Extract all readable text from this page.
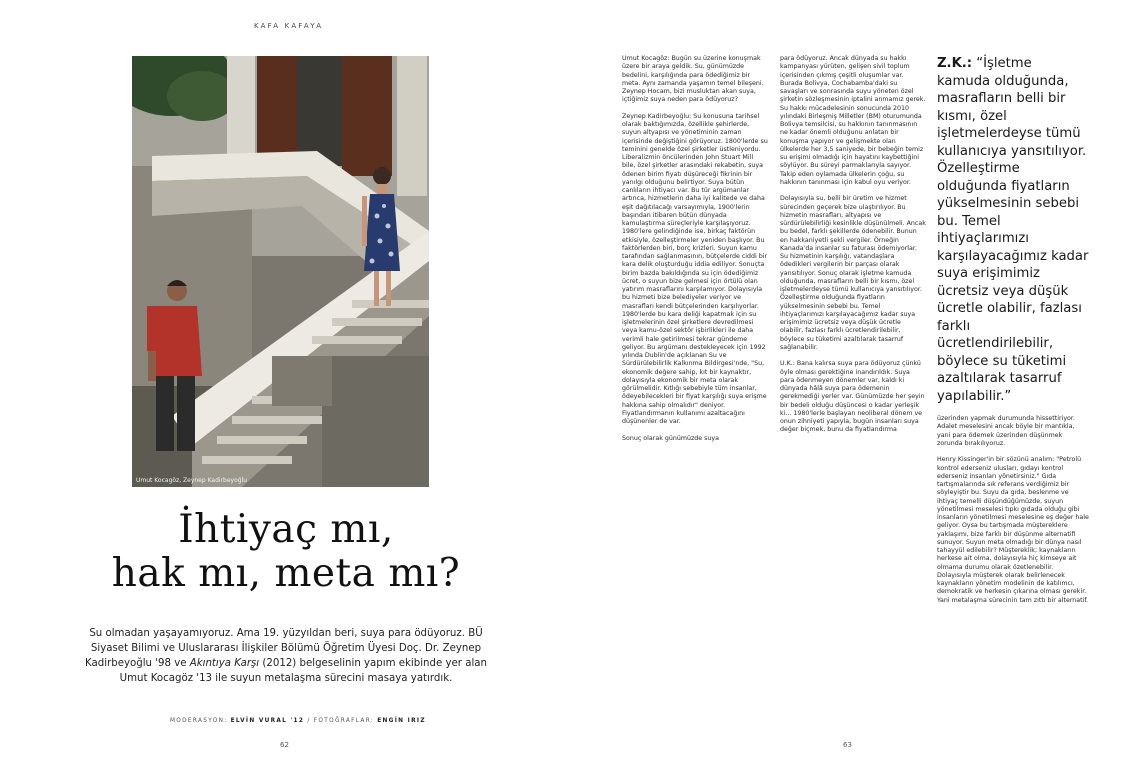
KAFA KAFAYA
Umut Kocagöz, Zeynep Kadirbeyoğlu
İhtiyaç mı,
hak mı, meta mı?
Su olmadan yaşayamıyoruz. Ama 19. yüzyıldan beri, suya para ödüyoruz. BÜ Siyaset Bilimi ve Uluslararası İlişkiler Bölümü Öğretim Üyesi Doç. Dr. Zeynep Kadirbeyoğlu '98 ve Akıntıya Karşı (2012) belgeselinin yapım ekibinde yer alan Umut Kocagöz '13 ile suyun metalaşma sürecini masaya yatırdık.
MODERASYON: ELVİN VURAL '12 / FOTOĞRAFLAR: ENGİN IRIZ
62

Umut Kocagöz: Bugün su üzerine konuşmak üzere bir araya geldik. Su, günümüzde bedelini, karşılığında para ödediğimiz bir meta. Aynı zamanda yaşamın temel bileşeni. Zeynep Hocam, bizi musluktan akan suya, içtiğimiz suya neden para ödüyoruz?

Zeynep Kadirbeyoğlu: Su konusuna tarihsel olarak baktığımızda, özellikle şehirlerde, suyun altyapısı ve yönetiminin zaman içerisinde değiştiğini görüyoruz. 1800'lerde su teminini genelde özel şirketler üstleniyordu. Liberalizmin öncülerinden John Stuart Mill bile, özel şirketler arasındaki rekabetin, suya ödenen birim fiyatı düşüreceği fikrinin bir yanılgı olduğunu belirtiyor. Suya bütün canlıların ihtiyacı var. Bu tür argümanlar artınca, hizmetlerin daha iyi kalitede ve daha eşit dağıtılacağı varsayımıyla, 1900'lerin başından itibaren bütün dünyada kamulaştırma süreçleriyle karşılaşıyoruz. 1980'lere gelindiğinde ise, birkaç faktörün etkisiyle, özelleştirmeler yeniden başlıyor. Bu faktörlerden biri, borç krizleri. Suyun kamu tarafından sağlanmasının, bütçelerde ciddi bir kara delik oluşturduğu iddia ediliyor. Sonuçta birim bazda bakıldığında su için ödediğimiz ücret, o suyun bize gelmesi için örtülü olan yatırım masraflarını karşılamıyor. Dolayısıyla bu hizmeti bize belediyeler veriyor ve masrafları kendi bütçelerinden karşılıyorlar. 1980'lerde bu kara deliği kapatmak için su işletmelerinin özel şirketlere devredilmesi veya kamu-özel sektör işbirlikleri ile daha verimli hale getirilmesi tekrar gündeme geliyor. Bu argümanı destekleyecek için 1992 yılında Dublin'de açıklanan Su ve Sürdürülebilirlik Kalkınma Bildirgesi'nde, "Su, ekonomik değere sahip, kıt bir kaynaktır, dolayısıyla ekonomik bir meta olarak görülmelidir. Kıtlığı sebebiyle tüm insanlar, ödeyebilecekleri bir fiyat karşılığı suya erişme hakkına sahip olmalıdır" deniyor. Fiyatlandırmanın kullanımı azaltacağını düşünenler de var.

Sonuç olarak günümüzde suya

para ödüyoruz. Ancak dünyada su hakkı kampanyası yürüten, gelişen sivil toplum içerisinden çıkmış çeşitli oluşumlar var. Burada Bolivya, Cochabamba'daki su savaşları ve sonrasında suyu yöneten özel şirketin sözleşmesinin iptalini anmamız gerek. Su hakkı mücadelesinin sonucunda 2010 yılındaki Birleşmiş Milletler (BM) oturumunda Bolivya temsilcisi, su hakkının tanınmasının ne kadar önemli olduğunu anlatan bir konuşma yapıyor ve gelişmekte olan ülkelerde her 3,5 saniyede, bir bebeğin temiz su erişimi olmadığı için hayatını kaybettiğini söylüyor. Bu süreyi parmaklarıyla sayıyor. Takip eden oylamada ülkelerin çoğu, su hakkının tanınması için kabul oyu veriyor.

Dolayısıyla su, belli bir üretim ve hizmet sürecinden geçerek bize ulaştırılıyor. Bu hizmetin masrafları, altyapısı ve sürdürülebilirliği kesinlikle düşünülmeli. Ancak bu bedel, farklı şekillerde ödenebilir. Bunun en hakkaniyetli şekli vergiler. Örneğin Kanada'da insanlar su faturası ödemiyorlar. Su hizmetinin karşılığı, vatandaşlara ödedikleri vergilerin bir parçası olarak yansıtılıyor. Sonuç olarak işletme kamuda olduğunda, masrafların belli bir kısmı, özel işletmelerdeyse tümü kullanıcıya yansıtılıyor. Özelleştirme olduğunda fiyatların yükselmesinin sebebi bu. Temel ihtiyaçlarımızı karşılayacağımız kadar suya erişimimiz ücretsiz veya düşük ücretle olabilir, fazlası farklı ücretlendirilebilir, böylece su tüketimi azaltılarak tasarruf sağlanabilir.

U.K.: Bana kalırsa suya para ödüyoruz çünkü öyle olması gerektiğine inandırıldık. Suya para ödenmeyen dönemler var, kaldı ki dünyada hâlâ suya para ödemenin gerekmediği yerler var. Günümüzde her şeyin bir bedeli olduğu düşüncesi o kadar yerleşik ki... 1980'lerle başlayan neoliberal dönem ve onun zihniyeti yapıyla, bugün insanları suya değer biçmek, bunu da fiyatlandırma

Z.K.: “İşletme kamuda olduğunda, masrafların belli bir kısmı, özel işletmelerdeyse tümü kullanıcıya yansıtılıyor. Özelleştirme olduğunda fiyatların yükselmesinin sebebi bu. Temel ihtiyaçlarımızı karşılayacağımız kadar suya erişimimiz ücretsiz veya düşük ücretle olabilir, fazlası farklı ücretlendirilebilir, böylece su tüketimi azaltılarak tasarruf yapılabilir.”

üzerinden yapmak durumunda hissettiriyor. Adalet meselesini ancak böyle bir mantıkla, yani para ödemek üzerinden düşünmek zorunda bırakılıyoruz.

Henry Kissinger'in bir sözünü analım: "Petrolü kontrol ederseniz ulusları, gıdayı kontrol ederseniz insanları yönetirsiniz." Gıda tartışmalarında sık referans verdiğimiz bir söyleyiştir bu. Suyu da gıda, beslenme ve ihtiyaç temelli düşündüğümüzde, suyun yönetilmesi meselesi tıpkı gıdada olduğu gibi insanların yönetilmesi meselesine eş değer hale geliyor. Oysa bu tartışmada müştereklere yaklaşımı, bize farklı bir düşünme alternatifi sunuyor. Suyun meta olmadığı bir dünya nasıl tahayyül edilebilir? Müştereklik; kaynakların herkese ait olma, dolayısıyla hiç kimseye ait olmama durumu olarak özetlenebilir. Dolayısıyla müşterek olarak belirlenecek kaynakların yönetim modelinin de katılımcı, demokratik ve herkesin çıkarına olması gerekir. Yani metalaşma sürecinin tam zıttı bir alternatif.

63
